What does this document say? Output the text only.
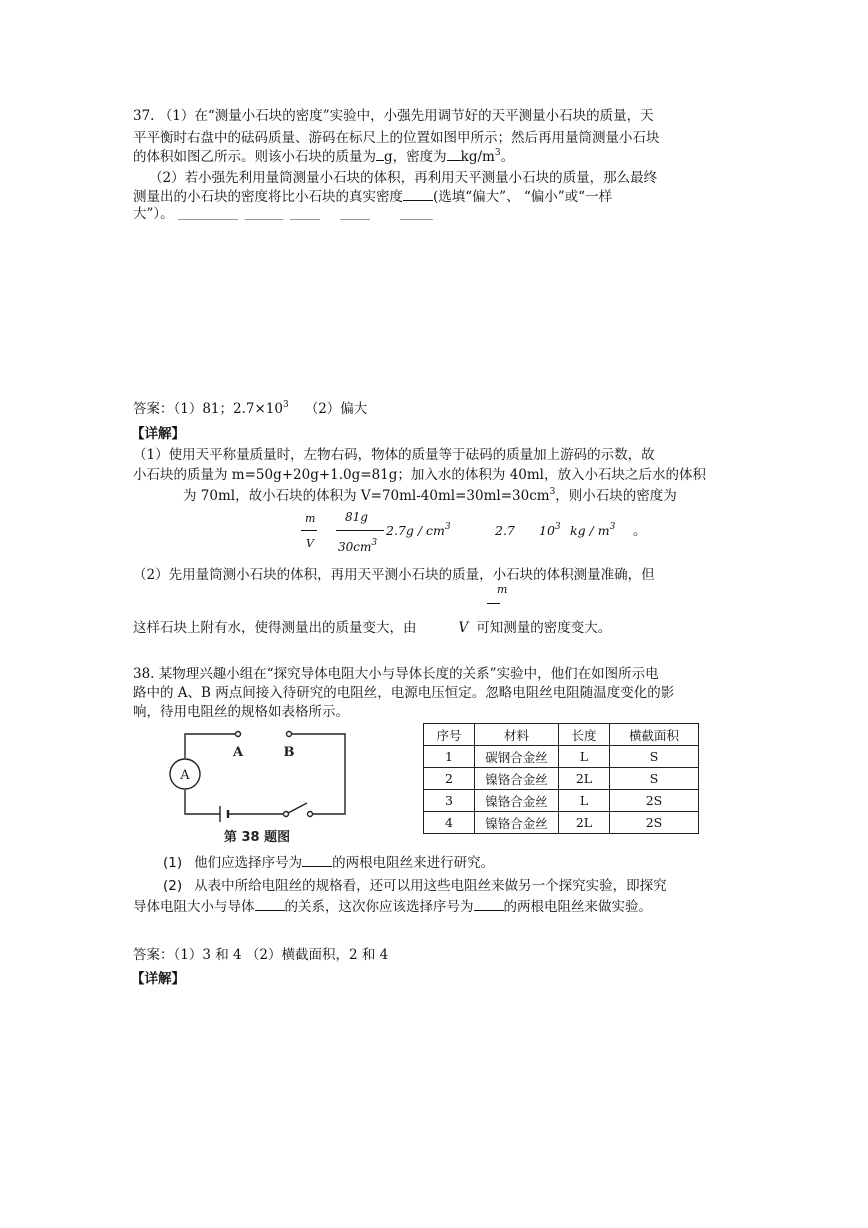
37. （1）在“测量小石块的密度”实验中，小强先用调节好的天平测量小石块的质量，天
平平衡时右盘中的砝码质量、游码在标尺上的位置如图甲所示；然后再用量筒测量小石块
的体积如图乙所示。则该小石块的质量为 g，密度为 $kg/m^3$。
（2）若小强先利用量筒测量小石块的体积，再利用天平测量小石块的质量，那么最终
测量出的小石块的密度将比小石块的真实密度 (选填“偏大”、 “偏小”或“一样
大”）。
答案：（1）81；$2.7\times 10^3$ （2）偏大
【详解】
（1）使用天平称量质量时，左物右码，物体的质量等于砝码的质量加上游码的示数，故
小石块的质量为 m=50g+20g+1.0g=81g；加入水的体积为 40ml，放入小石块之后水的体积
为 70ml，故小石块的体积为 $V=70ml-40ml=30ml=30cm^3$，则小石块的密度为
m
V
81g
$30cm^3$
$2.7g / cm^3$	2.7 $10^3$ kg / $m^3$ 。
（2）先用量筒测小石块的体积，再用天平测小石块的质量，小石块的体积测量准确，但
m
这样石块上附有水，使得测量出的质量变大，由	V 可知测量的密度变大。
38. 某物理兴趣小组在“探究导体电阻大小与导体长度的关系”实验中，他们在如图所示电
路中的 A、B 两点间接入待研究的电阻丝，电源电压恒定。忽略电阻丝电阻随温度变化的影
响，待用电阻丝的规格如表格所示。
A
A	B
第 38 题图
序号	材料	长度	横截面积
1	碳钢合金丝	L	S
2	镍铬合金丝	2L	S
3	镍铬合金丝	L	2S
4	镍铬合金丝	2L	2S
(1) 他们应选择序号为 的两根电阻丝来进行研究。
(2) 从表中所给电阻丝的规格看，还可以用这些电阻丝来做另一个探究实验，即探究
导体电阻大小与导体 的关系，这次你应该选择序号为 的两根电阻丝来做实验。
答案：（1）3 和 4 （2）横截面积，2 和 4
【详解】
